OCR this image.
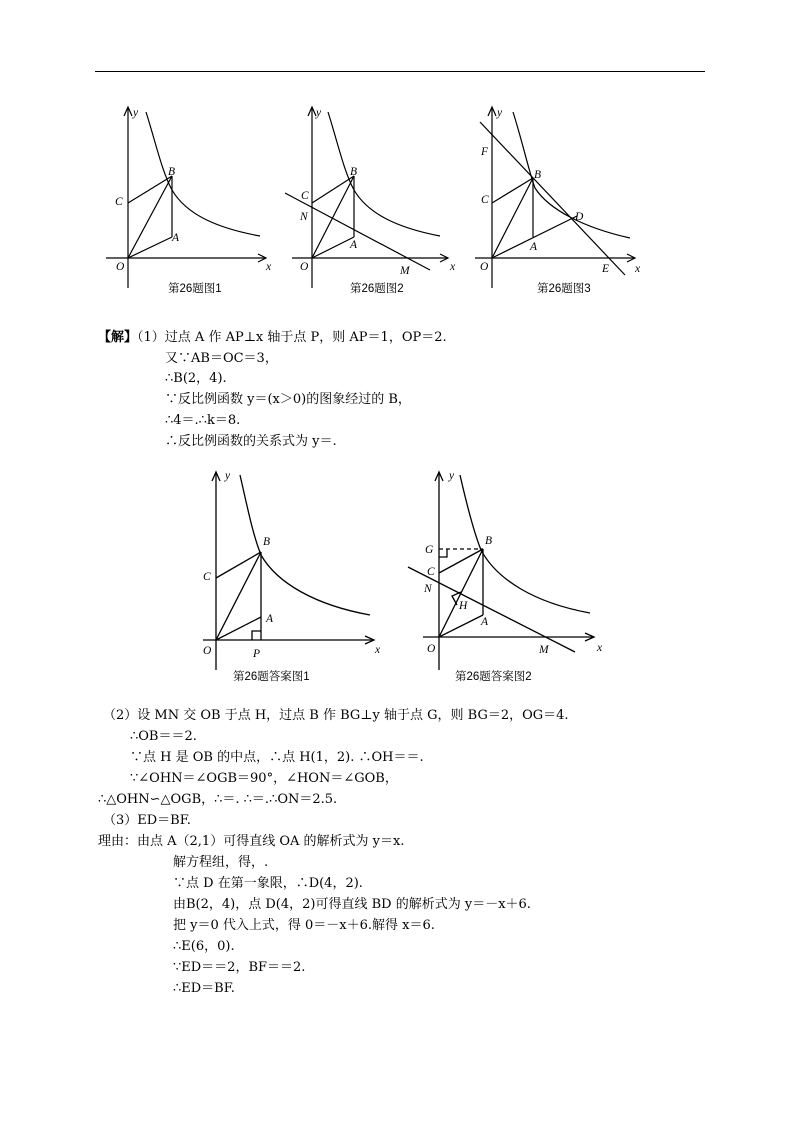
y
x
O
C
B
A
第26题图1
y
x
O
C
B
A
N
M
第26题图2
y
x
O
F
C
B
A
D
E
第26题图3
【解】（1）过点 A 作 AP⊥x 轴于点 P，则 AP＝1，OP＝2.
又∵AB＝OC＝3，
∴B(2，4).
∵反比例函数 y＝(x＞0)的图象经过的 B，
∴4＝.∴k＝8.
∴反比例函数的关系式为 y＝.
y
x
O
C
B
A
P
第26题答案图1
y
x
O
G
C
B
N
H
A
M
第26题答案图2
（2）设 MN 交 OB 于点 H，过点 B 作 BG⊥y 轴于点 G，则 BG＝2，OG＝4.
∴OB＝＝2.
∵点 H 是 OB 的中点，∴点 H(1，2). ∴OH＝＝.
∵∠OHN＝∠OGB＝90°，∠HON＝∠GOB，
∴△OHN∽△OGB，∴＝. ∴＝.∴ON＝2.5.
（3）ED＝BF.
理由：由点 A（2,1）可得直线 OA 的解析式为 y＝x.
解方程组，得，.
∵点 D 在第一象限，∴D(4，2).
由B(2，4)，点 D(4，2)可得直线 BD 的解析式为 y＝－x＋6.
把 y＝0 代入上式，得 0＝－x＋6.解得 x＝6.
∴E(6，0).
∵ED＝＝2，BF＝＝2.
∴ED＝BF.
